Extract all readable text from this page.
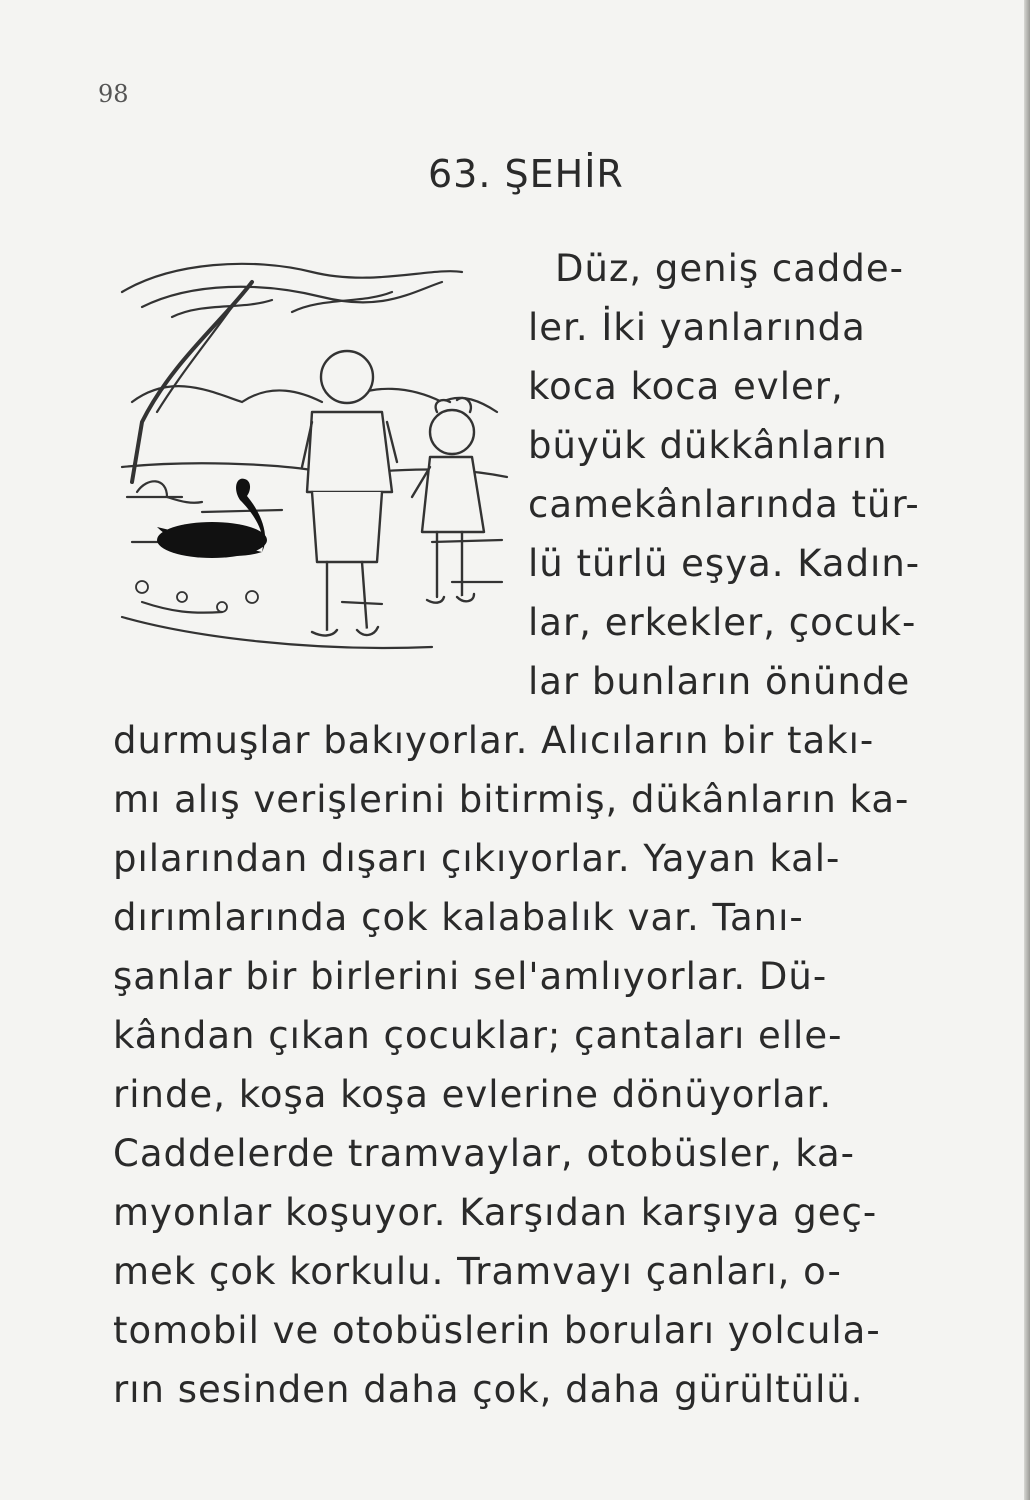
98
63. ŞEHİR
Düz, geniş cadde-
ler. İki yanlarında
koca koca evler,
büyük dükkânların
camekânlarında tür-
lü türlü eşya. Kadın-
lar, erkekler, çocuk-
lar bunların önünde
durmuşlar bakıyorlar. Alıcıların bir takı-
mı alış verişlerini bitirmiş, dükânların ka-
pılarından dışarı çıkıyorlar. Yayan kal-
dırımlarında çok kalabalık var. Tanı-
şanlar bir birlerini sel'amlıyorlar. Dü-
kândan çıkan çocuklar; çantaları elle-
rinde, koşa koşa evlerine dönüyorlar.
Caddelerde tramvaylar, otobüsler, ka-
myonlar koşuyor. Karşıdan karşıya geç-
mek çok korkulu. Tramvayı çanları, o-
tomobil ve otobüslerin boruları yolcula-
rın sesinden daha çok, daha gürültülü.
